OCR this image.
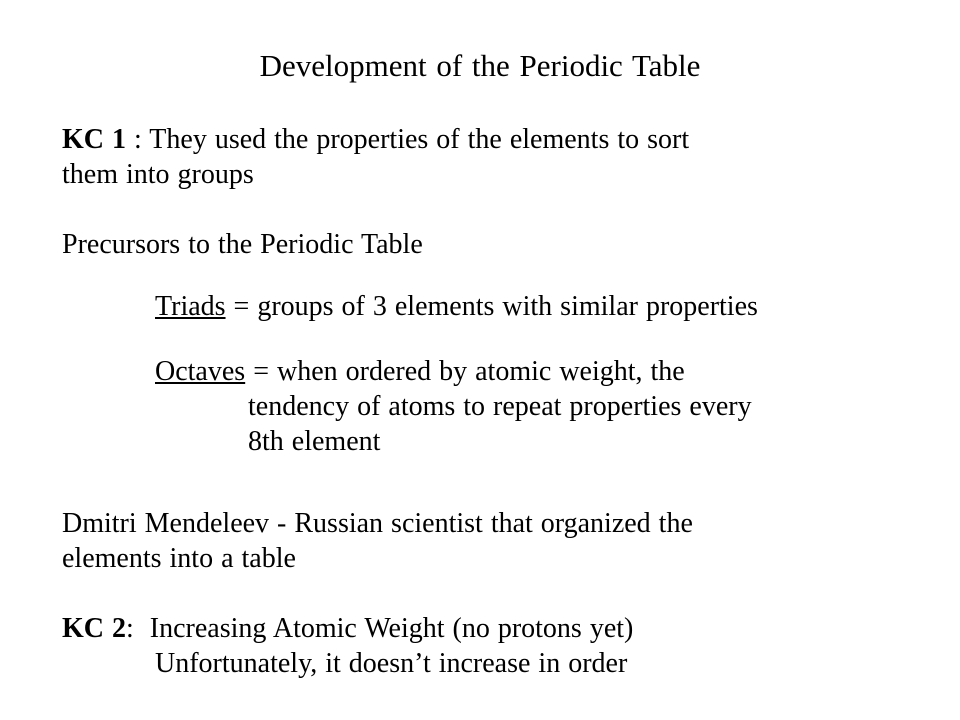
Development of the Periodic Table
KC 1 : They used the properties of the elements to sort
them into groups
Precursors to the Periodic Table
Triads = groups of 3 elements with similar properties
Octaves = when ordered by atomic weight, the
tendency of atoms to repeat properties every
8th element
Dmitri Mendeleev - Russian scientist that organized the
elements into a table
KC 2:  Increasing Atomic Weight (no protons yet)
Unfortunately, it doesn’t increase in order
